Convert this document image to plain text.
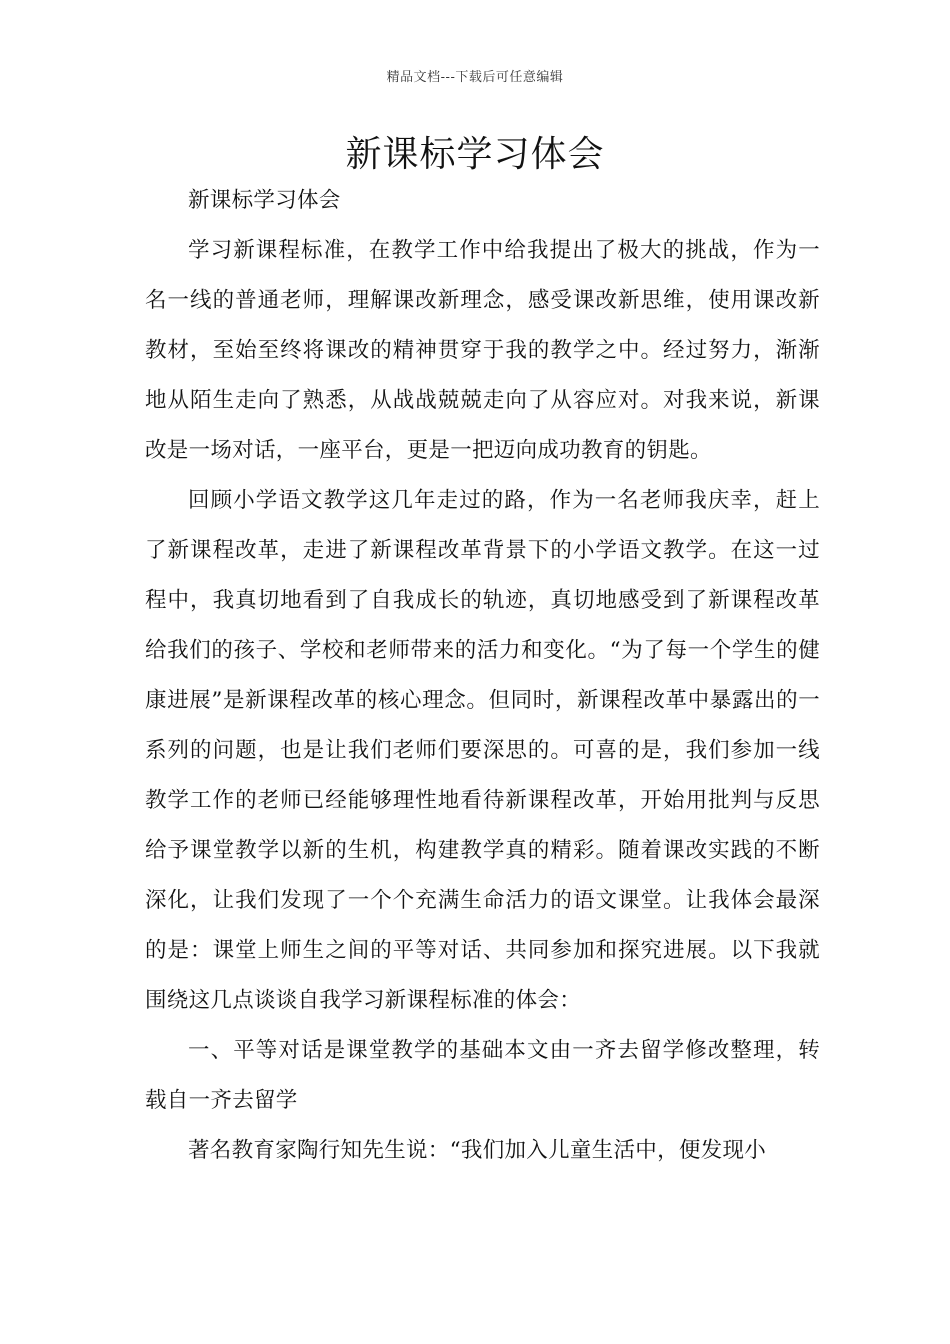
精品文档---下载后可任意编辑
新课标学习体会

新课标学习体会

学习新课程标准，在教学工作中给我提出了极大的挑战，作为一名一线的普通老师，理解课改新理念，感受课改新思维，使用课改新教材，至始至终将课改的精神贯穿于我的教学之中。经过努力，渐渐地从陌生走向了熟悉，从战战兢兢走向了从容应对。对我来说，新课改是一场对话，一座平台，更是一把迈向成功教育的钥匙。

回顾小学语文教学这几年走过的路，作为一名老师我庆幸，赶上了新课程改革，走进了新课程改革背景下的小学语文教学。在这一过程中，我真切地看到了自我成长的轨迹，真切地感受到了新课程改革给我们的孩子、学校和老师带来的活力和变化。“为了每一个学生的健康进展”是新课程改革的核心理念。但同时，新课程改革中暴露出的一系列的问题，也是让我们老师们要深思的。可喜的是，我们参加一线教学工作的老师已经能够理性地看待新课程改革，开始用批判与反思给予课堂教学以新的生机，构建教学真的精彩。随着课改实践的不断深化，让我们发现了一个个充满生命活力的语文课堂。让我体会最深的是：课堂上师生之间的平等对话、共同参加和探究进展。以下我就围绕这几点谈谈自我学习新课程标准的体会：

一、平等对话是课堂教学的基础本文由一齐去留学修改整理，转载自一齐去留学

著名教育家陶行知先生说：“我们加入儿童生活中，便发现小
